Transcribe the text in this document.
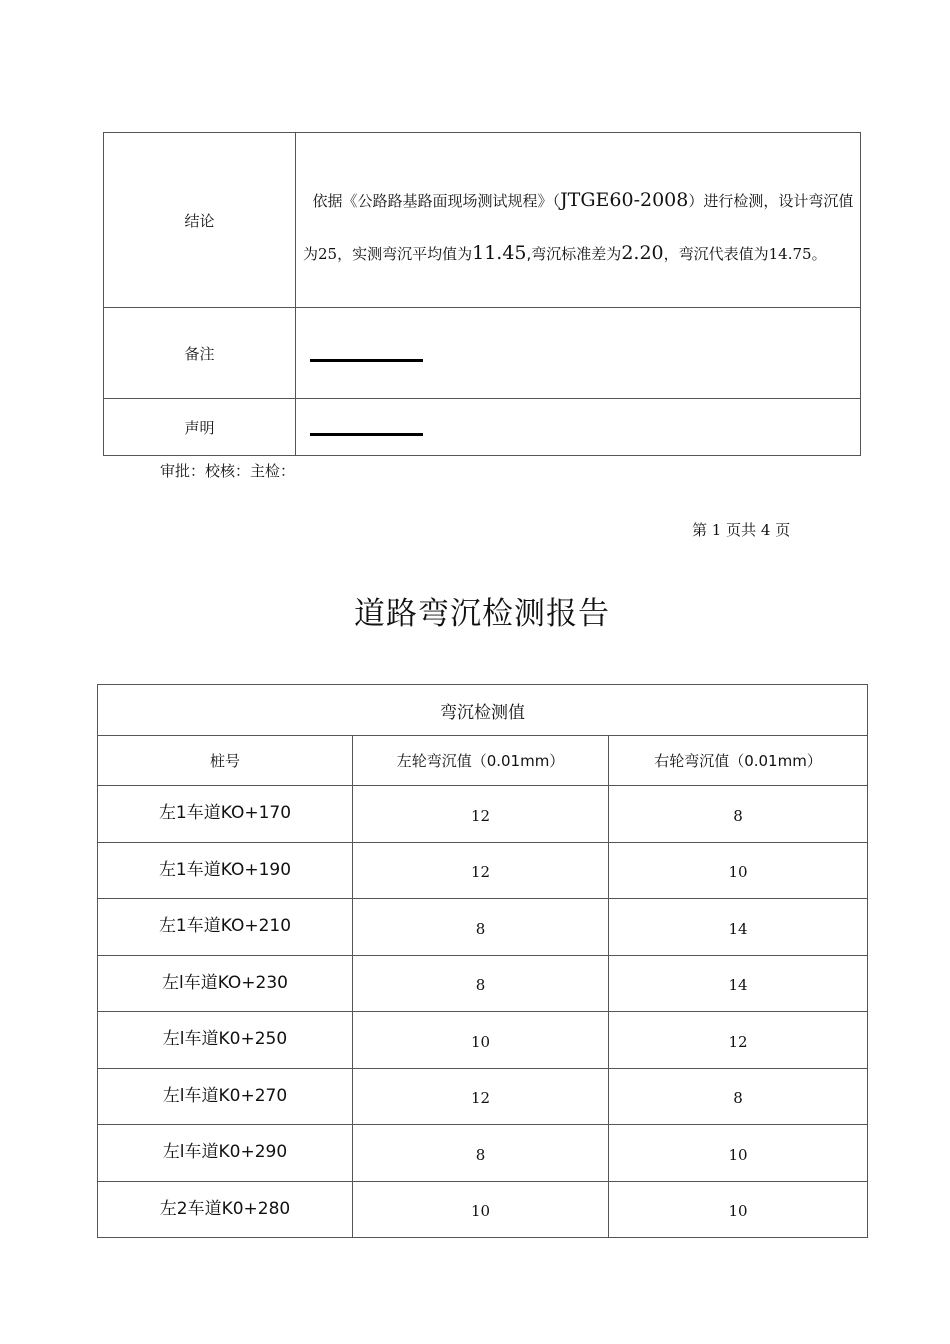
结论	依据《公路路基路面现场测试规程》（JTGE60-2008）进行检测，设计弯沉值为25，实测弯沉平均值为11.45,弯沉标准差为2.20，弯沉代表值为14.75。
备注	

声明	
审批：校核：主检：
第 1 页共 4 页
道路弯沉检测报告
弯沉检测值		
桩号	左轮弯沉值（0.01mm）	右轮弯沉值（0.01mm）
左1车道KO+170	12	8
左1车道KO+190	12	10
左1车道KO+210	8	14
左l车道KO+230	8	14
左l车道K0+250	10	12
左l车道K0+270	12	8
左l车道K0+290	8	10
左2车道K0+280	10	10
